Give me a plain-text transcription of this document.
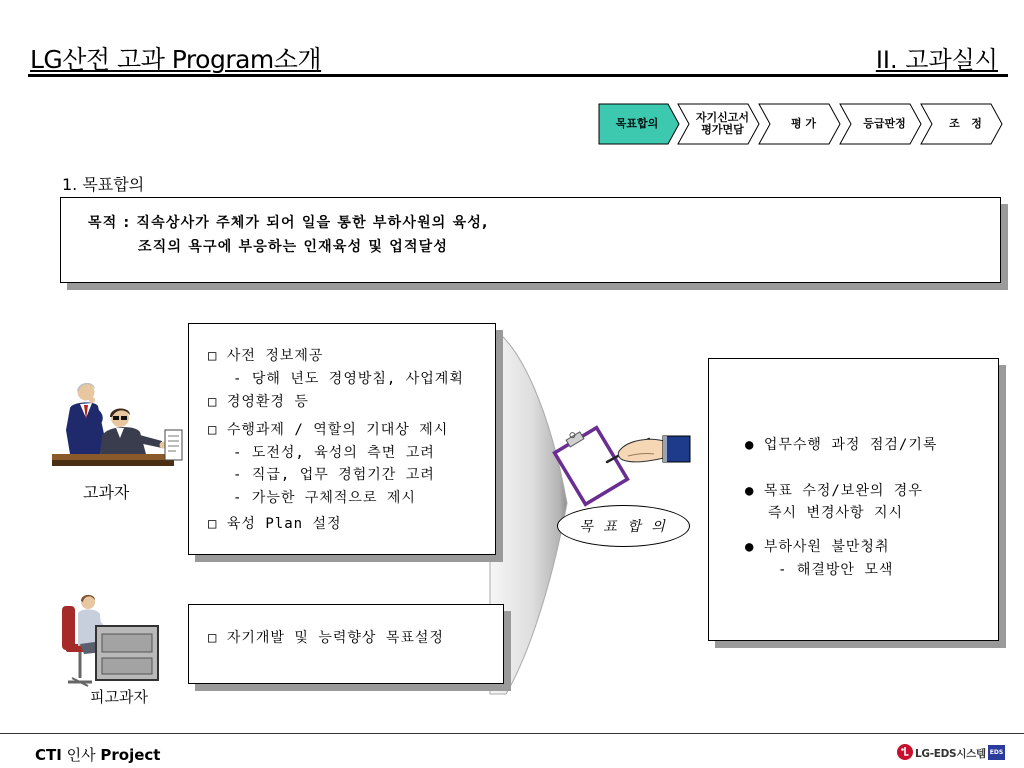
LG산전 고과 Program소개	II. 고과실시
목표합의	자기신고서
평가면담	평 가	등급판정	조   정
1. 목표합의
목적 : 직속상사가 주체가 되어 일을 통한 부하사원의 육성,
조직의 욕구에 부응하는 인재육성 및 업적달성
□ 사전 정보제공
- 당해 년도 경영방침, 사업계획
□ 경영환경 등
□ 수행과제 / 역할의 기대상 제시
- 도전성, 육성의 측면 고려
- 직급, 업무 경험기간 고려
- 가능한 구체적으로 제시
□ 육성 Plan 설정
□ 자기개발 및 능력향상 목표설정
● 업무수행 과정 점검/기록
● 목표 수정/보완의 경우
즉시 변경사항 지시
● 부하사원 불만청취
- 해결방안 모색
목 표 합 의
고과자
피고과자
CTI 인사 Project	LG-EDS시스템 EDS
